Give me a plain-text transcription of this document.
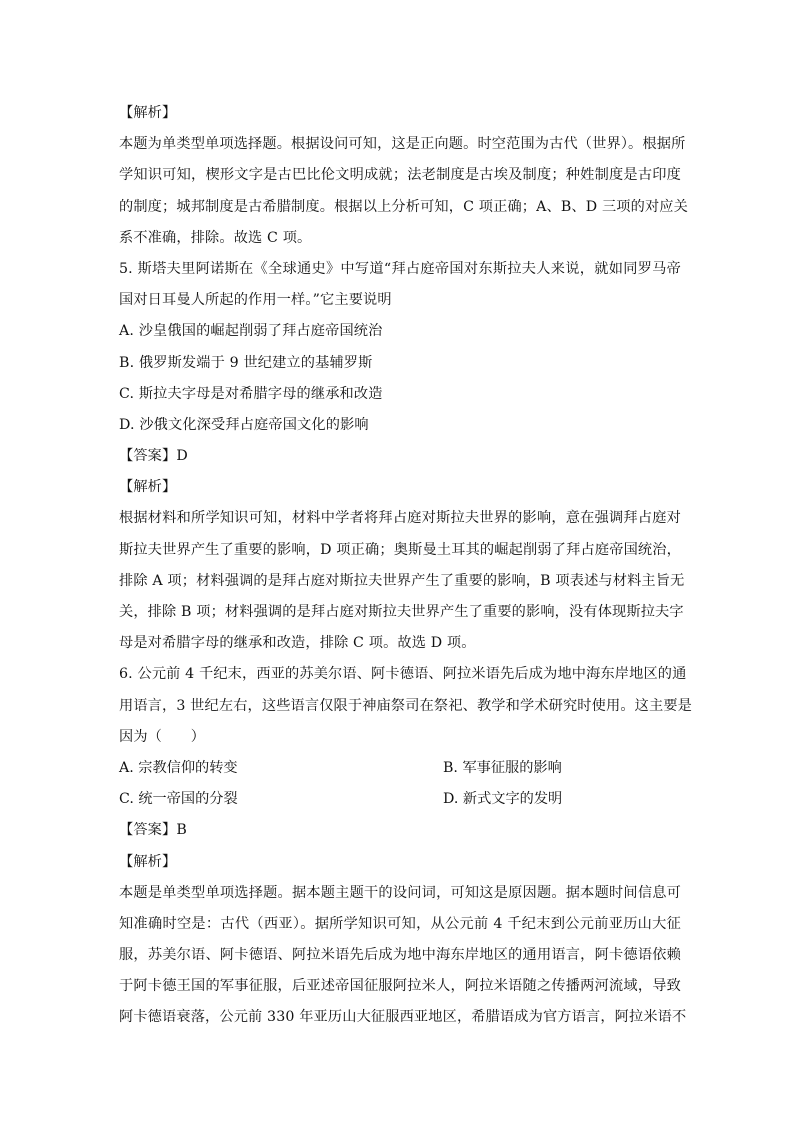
【解析】
本题为单类型单项选择题。根据设问可知，这是正向题。时空范围为古代（世界）。根据所
学知识可知，楔形文字是古巴比伦文明成就；法老制度是古埃及制度；种姓制度是古印度
的制度；城邦制度是古希腊制度。根据以上分析可知，C 项正确；A、B、D 三项的对应关
系不准确，排除。故选 C 项。
5. 斯塔夫里阿诺斯在《全球通史》中写道“拜占庭帝国对东斯拉夫人来说，就如同罗马帝
国对日耳曼人所起的作用一样。”它主要说明
A. 沙皇俄国的崛起削弱了拜占庭帝国统治
B. 俄罗斯发端于 9 世纪建立的基辅罗斯
C. 斯拉夫字母是对希腊字母的继承和改造
D. 沙俄文化深受拜占庭帝国文化的影响
【答案】D
【解析】
根据材料和所学知识可知，材料中学者将拜占庭对斯拉夫世界的影响，意在强调拜占庭对
斯拉夫世界产生了重要的影响，D 项正确；奥斯曼土耳其的崛起削弱了拜占庭帝国统治，
排除 A 项；材料强调的是拜占庭对斯拉夫世界产生了重要的影响，B 项表述与材料主旨无
关，排除 B 项；材料强调的是拜占庭对斯拉夫世界产生了重要的影响，没有体现斯拉夫字
母是对希腊字母的继承和改造，排除 C 项。故选 D 项。
6. 公元前 4 千纪末，西亚的苏美尔语、阿卡德语、阿拉米语先后成为地中海东岸地区的通
用语言，3 世纪左右，这些语言仅限于神庙祭司在祭祀、教学和学术研究时使用。这主要是
因为（　　）
A. 宗教信仰的转变	B. 军事征服的影响
C. 统一帝国的分裂	D. 新式文字的发明
【答案】B
【解析】
本题是单类型单项选择题。据本题主题干的设问词，可知这是原因题。据本题时间信息可
知准确时空是：古代（西亚）。据所学知识可知，从公元前 4 千纪末到公元前亚历山大征
服，苏美尔语、阿卡德语、阿拉米语先后成为地中海东岸地区的通用语言，阿卡德语依赖
于阿卡德王国的军事征服，后亚述帝国征服阿拉米人，阿拉米语随之传播两河流域，导致
阿卡德语衰落，公元前 330 年亚历山大征服西亚地区，希腊语成为官方语言，阿拉米语不
